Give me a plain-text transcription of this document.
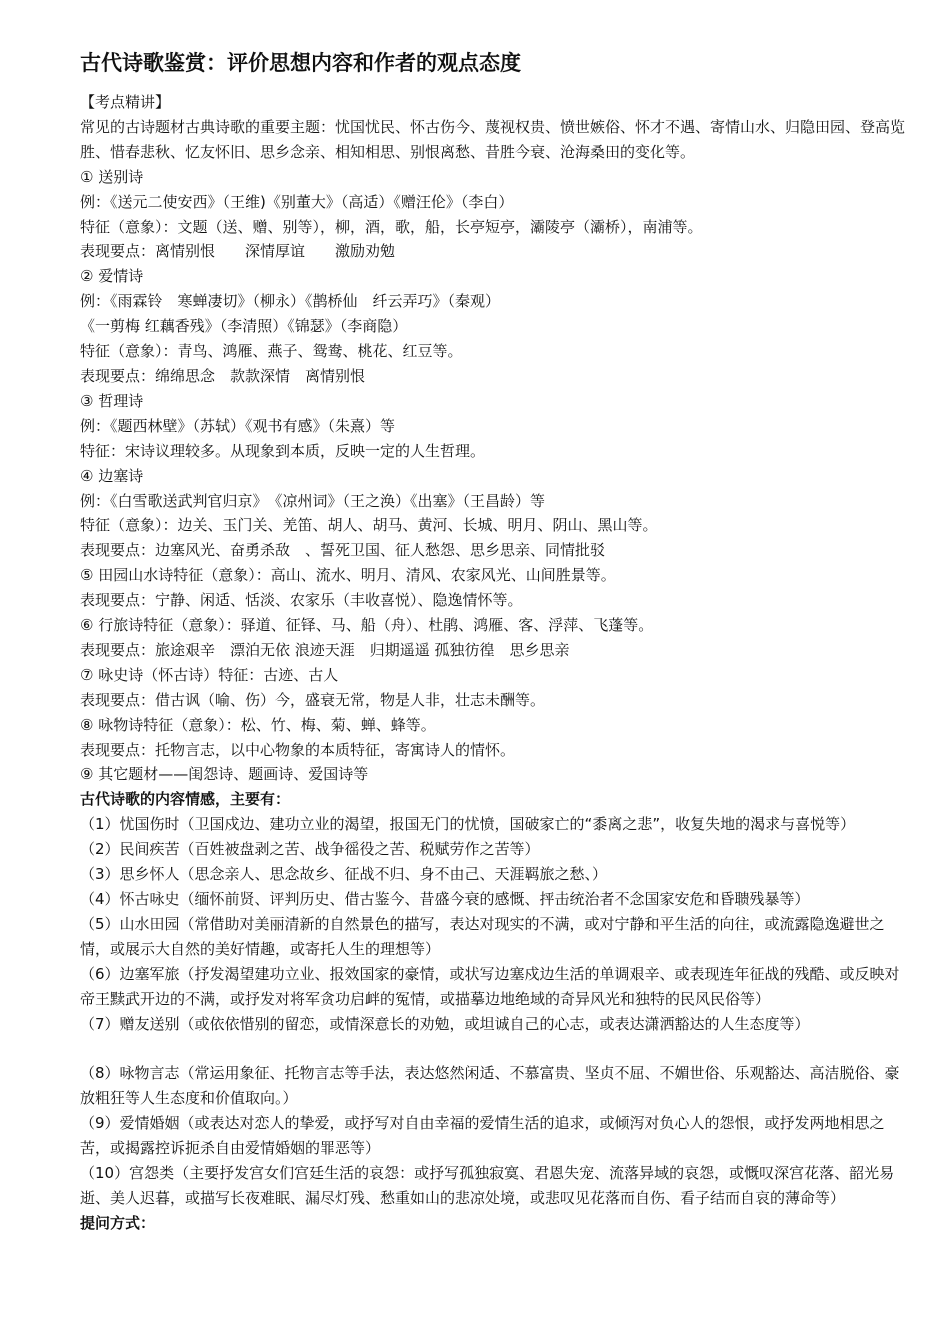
古代诗歌鉴赏：评价思想内容和作者的观点态度
【考点精讲】
常见的古诗题材古典诗歌的重要主题：忧国忧民、怀古伤今、蔑视权贵、愤世嫉俗、怀才不遇、寄情山水、归隐田园、登高览胜、惜春悲秋、忆友怀旧、思乡念亲、相知相思、别恨离愁、昔胜今衰、沧海桑田的变化等。
① 送别诗
例：《送元二使安西》（王维)《别董大》（高适）《赠汪伦》（李白）
特征（意象）：文题（送、赠、别等），柳，酒，歌，船，长亭短亭，灞陵亭（灞桥），南浦等。
表现要点：离情别恨　　深情厚谊　　激励劝勉
② 爱情诗
例：《雨霖铃　寒蝉凄切》（柳永）《鹊桥仙　纤云弄巧》（秦观）
《一剪梅 红藕香残》（李清照）《锦瑟》（李商隐）
特征（意象）：青鸟、鸿雁、燕子、鸳鸯、桃花、红豆等。
表现要点：绵绵思念　款款深情　离情别恨
③ 哲理诗
例：《题西林壁》（苏轼）《观书有感》（朱熹）等
特征：宋诗议理较多。从现象到本质，反映一定的人生哲理。
④ 边塞诗
例：《白雪歌送武判官归京》　《凉州词》（王之涣）《出塞》（王昌龄）等
特征（意象）：边关、玉门关、羌笛、胡人、胡马、黄河、长城、明月、阴山、黑山等。
表现要点：边塞风光、奋勇杀敌　、誓死卫国、征人愁怨、思乡思亲、同情批驳
⑤ 田园山水诗特征（意象）：高山、流水、明月、清风、农家风光、山间胜景等。
表现要点：宁静、闲适、恬淡、农家乐（丰收喜悦）、隐逸情怀等。
⑥ 行旅诗特征（意象）：驿道、征铎、马、船（舟）、杜鹃、鸿雁、客、浮萍、飞蓬等。
表现要点：旅途艰辛　漂泊无依 浪迹天涯　归期遥遥 孤独彷徨　思乡思亲
⑦ 咏史诗（怀古诗）特征：古迹、古人
表现要点：借古讽（喻、伤）今，盛衰无常，物是人非，壮志未酬等。
⑧ 咏物诗特征（意象）：松、竹、梅、菊、蝉、蜂等。
表现要点：托物言志，以中心物象的本质特征，寄寓诗人的情怀。
⑨ 其它题材——闺怨诗、题画诗、爱国诗等
古代诗歌的内容情感，主要有：
（1）忧国伤时（卫国戍边、建功立业的渴望，报国无门的忧愤，国破家亡的“黍离之悲”，收复失地的渴求与喜悦等）
（2）民间疾苦（百姓被盘剥之苦、战争徭役之苦、税赋劳作之苦等）
（3）思乡怀人（思念亲人、思念故乡、征战不归、身不由己、天涯羁旅之愁、）
（4）怀古咏史（缅怀前贤、评判历史、借古鉴今、昔盛今衰的感慨、抨击统治者不念国家安危和昏聩残暴等）
（5）山水田园（常借助对美丽清新的自然景色的描写，表达对现实的不满，或对宁静和平生活的向往，或流露隐逸避世之情，或展示大自然的美好情趣，或寄托人生的理想等）
（6）边塞军旅（抒发渴望建功立业、报效国家的豪情，或状写边塞戍边生活的单调艰辛、或表现连年征战的残酷、或反映对帝王黩武开边的不满，或抒发对将军贪功启衅的冤情，或描摹边地绝域的奇异风光和独特的民风民俗等）
（7）赠友送别（或依依惜别的留恋，或情深意长的劝勉，或坦诚自己的心志，或表达潇洒豁达的人生态度等）
（8）咏物言志（常运用象征、托物言志等手法，表达悠然闲适、不慕富贵、坚贞不屈、不媚世俗、乐观豁达、高洁脱俗、豪放粗狂等人生态度和价值取向。）
（9）爱情婚姻（或表达对恋人的挚爱，或抒写对自由幸福的爱情生活的追求，或倾泻对负心人的怨恨，或抒发两地相思之苦，或揭露控诉扼杀自由爱情婚姻的罪恶等）
（10）宫怨类（主要抒发宫女们宫廷生活的哀怨：或抒写孤独寂寞、君恩失宠、流落异域的哀怨，或慨叹深宫花落、韶光易逝、美人迟暮，或描写长夜难眠、漏尽灯残、愁重如山的悲凉处境，或悲叹见花落而自伤、看子结而自哀的薄命等）
提问方式：
